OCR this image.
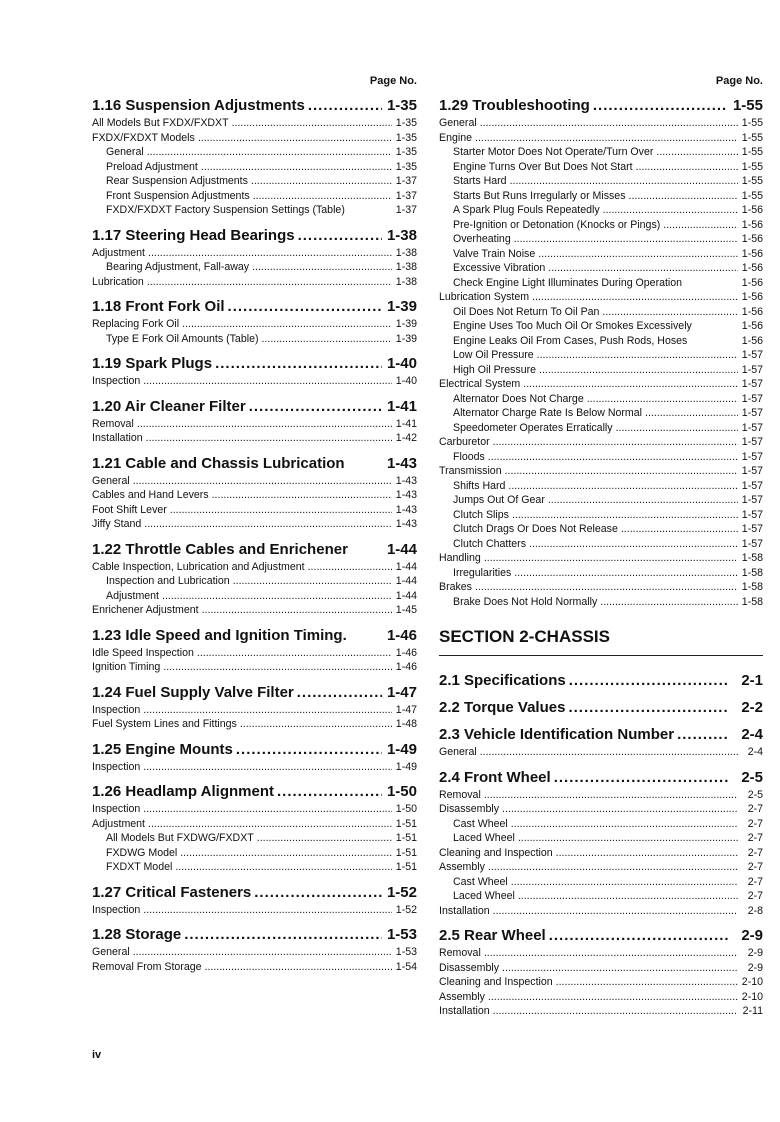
Page No.
1.16 Suspension Adjustments .....	1-35
All Models But FXDX/FXDXT .....	1-35
FXDX/FXDXT Models .....	1-35
General .....	1-35
Preload Adjustment .....	1-35
Rear Suspension Adjustments .....	1-37
Front Suspension Adjustments .....	1-37
FXDX/FXDXT Factory Suspension Settings (Table)	1-37
1.17 Steering Head Bearings .....	1-38
Adjustment .....	1-38
Bearing Adjustment, Fall-away .....	1-38
Lubrication .....	1-38
1.18 Front Fork Oil .....	1-39
Replacing Fork Oil .....	1-39
Type E Fork Oil Amounts (Table) .....	1-39
1.19 Spark Plugs .....	1-40
Inspection .....	1-40
1.20 Air Cleaner Filter .....	1-41
Removal .....	1-41
Installation .....	1-42
1.21 Cable and Chassis Lubrication	1-43
General .....	1-43
Cables and Hand Levers .....	1-43
Foot Shift Lever .....	1-43
Jiffy Stand .....	1-43
1.22 Throttle Cables and Enrichener	1-44
Cable Inspection, Lubrication and Adjustment .....	1-44
Inspection and Lubrication .....	1-44
Adjustment .....	1-44
Enrichener Adjustment .....	1-45
1.23 Idle Speed and Ignition Timing.	1-46
Idle Speed Inspection .....	1-46
Ignition Timing .....	1-46
1.24 Fuel Supply Valve Filter .....	1-47
Inspection .....	1-47
Fuel System Lines and Fittings .....	1-48
1.25 Engine Mounts .....	1-49
Inspection .....	1-49
1.26 Headlamp Alignment .....	1-50
Inspection .....	1-50
Adjustment .....	1-51
All Models But FXDWG/FXDXT .....	1-51
FXDWG Model .....	1-51
FXDXT Model .....	1-51
1.27 Critical Fasteners .....	1-52
Inspection .....	1-52
1.28 Storage .....	1-53
General .....	1-53
Removal From Storage .....	1-54
Page No.
1.29 Troubleshooting .....	1-55
General .....	1-55
Engine .....	1-55
Starter Motor Does Not Operate/Turn Over .....	1-55
Engine Turns Over But Does Not Start .....	1-55
Starts Hard .....	1-55
Starts But Runs Irregularly or Misses .....	1-55
A Spark Plug Fouls Repeatedly .....	1-56
Pre-Ignition or Detonation (Knocks or Pings) .....	1-56
Overheating .....	1-56
Valve Train Noise .....	1-56
Excessive Vibration .....	1-56
Check Engine Light Illuminates During Operation	1-56
Lubrication System .....	1-56
Oil Does Not Return To Oil Pan .....	1-56
Engine Uses Too Much Oil Or Smokes Excessively	1-56
Engine Leaks Oil From Cases, Push Rods, Hoses	1-56
Low Oil Pressure .....	1-57
High Oil Pressure .....	1-57
Electrical System .....	1-57
Alternator Does Not Charge .....	1-57
Alternator Charge Rate Is Below Normal .....	1-57
Speedometer Operates Erratically .....	1-57
Carburetor .....	1-57
Floods .....	1-57
Transmission .....	1-57
Shifts Hard .....	1-57
Jumps Out Of Gear .....	1-57
Clutch Slips .....	1-57
Clutch Drags Or Does Not Release .....	1-57
Clutch Chatters .....	1-57
Handling .....	1-58
Irregularities .....	1-58
Brakes .....	1-58
Brake Does Not Hold Normally .....	1-58
SECTION 2-CHASSIS
2.1 Specifications .....	2-1
2.2 Torque Values .....	2-2
2.3 Vehicle Identification Number .....	2-4
General .....	2-4
2.4 Front Wheel .....	2-5
Removal .....	2-5
Disassembly .....	2-7
Cast Wheel .....	2-7
Laced Wheel .....	2-7
Cleaning and Inspection .....	2-7
Assembly .....	2-7
Cast Wheel .....	2-7
Laced Wheel .....	2-7
Installation .....	2-8
2.5 Rear Wheel .....	2-9
Removal .....	2-9
Disassembly .....	2-9
Cleaning and Inspection .....	2-10
Assembly .....	2-10
Installation .....	2-11
iv
